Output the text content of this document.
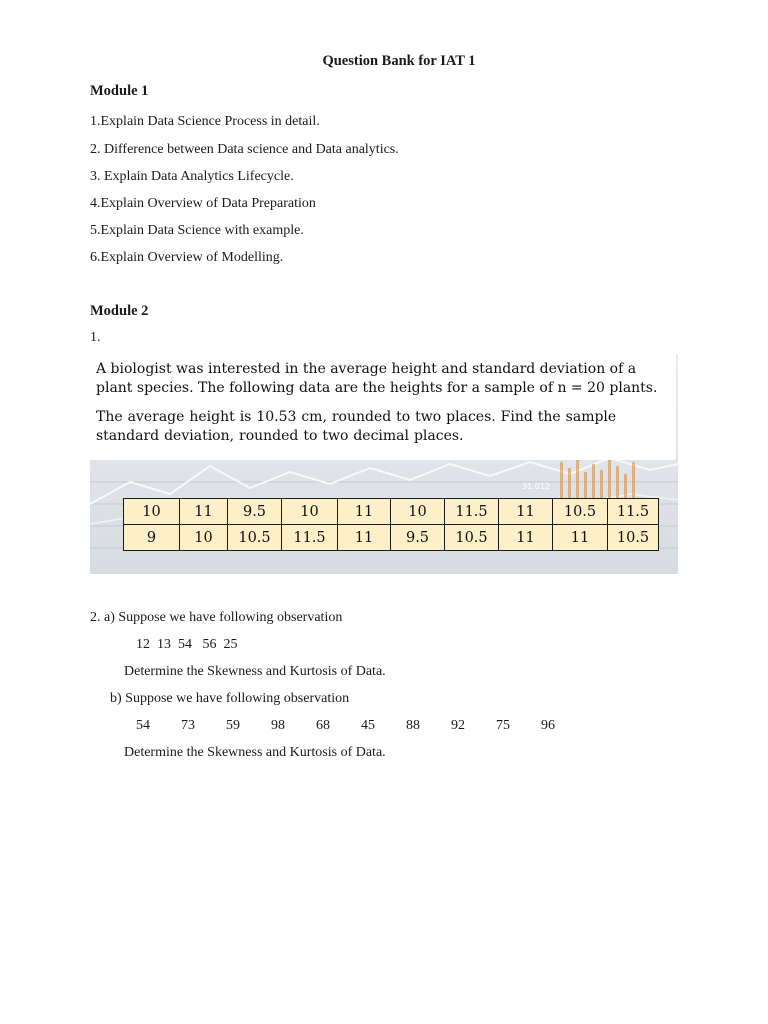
Question Bank for IAT 1
Module 1
1.Explain Data Science Process in detail.
2. Difference between Data science and Data analytics.
3. Explain Data Analytics Lifecycle.
4.Explain Overview of Data Preparation
5.Explain Data Science with example.
6.Explain Overview of Modelling.
Module 2
1.
31.012

A biologist was interested in the average height and standard deviation of a plant species. The following data are the heights for a sample of n = 20 plants.

The average height is 10.53 cm, rounded to two places. Find the sample standard deviation, rounded to two decimal places.

10	11	9.5	10	11	10	11.5	11	10.5	11.5
9	10	10.5	11.5	11	9.5	10.5	11	11	10.5
2. a) Suppose we have following observation
12  13  54   56  25
Determine the Skewness and Kurtosis of Data.
b) Suppose we have following observation
54 73 59 98 68 45 88 92 75 96
Determine the Skewness and Kurtosis of Data.
